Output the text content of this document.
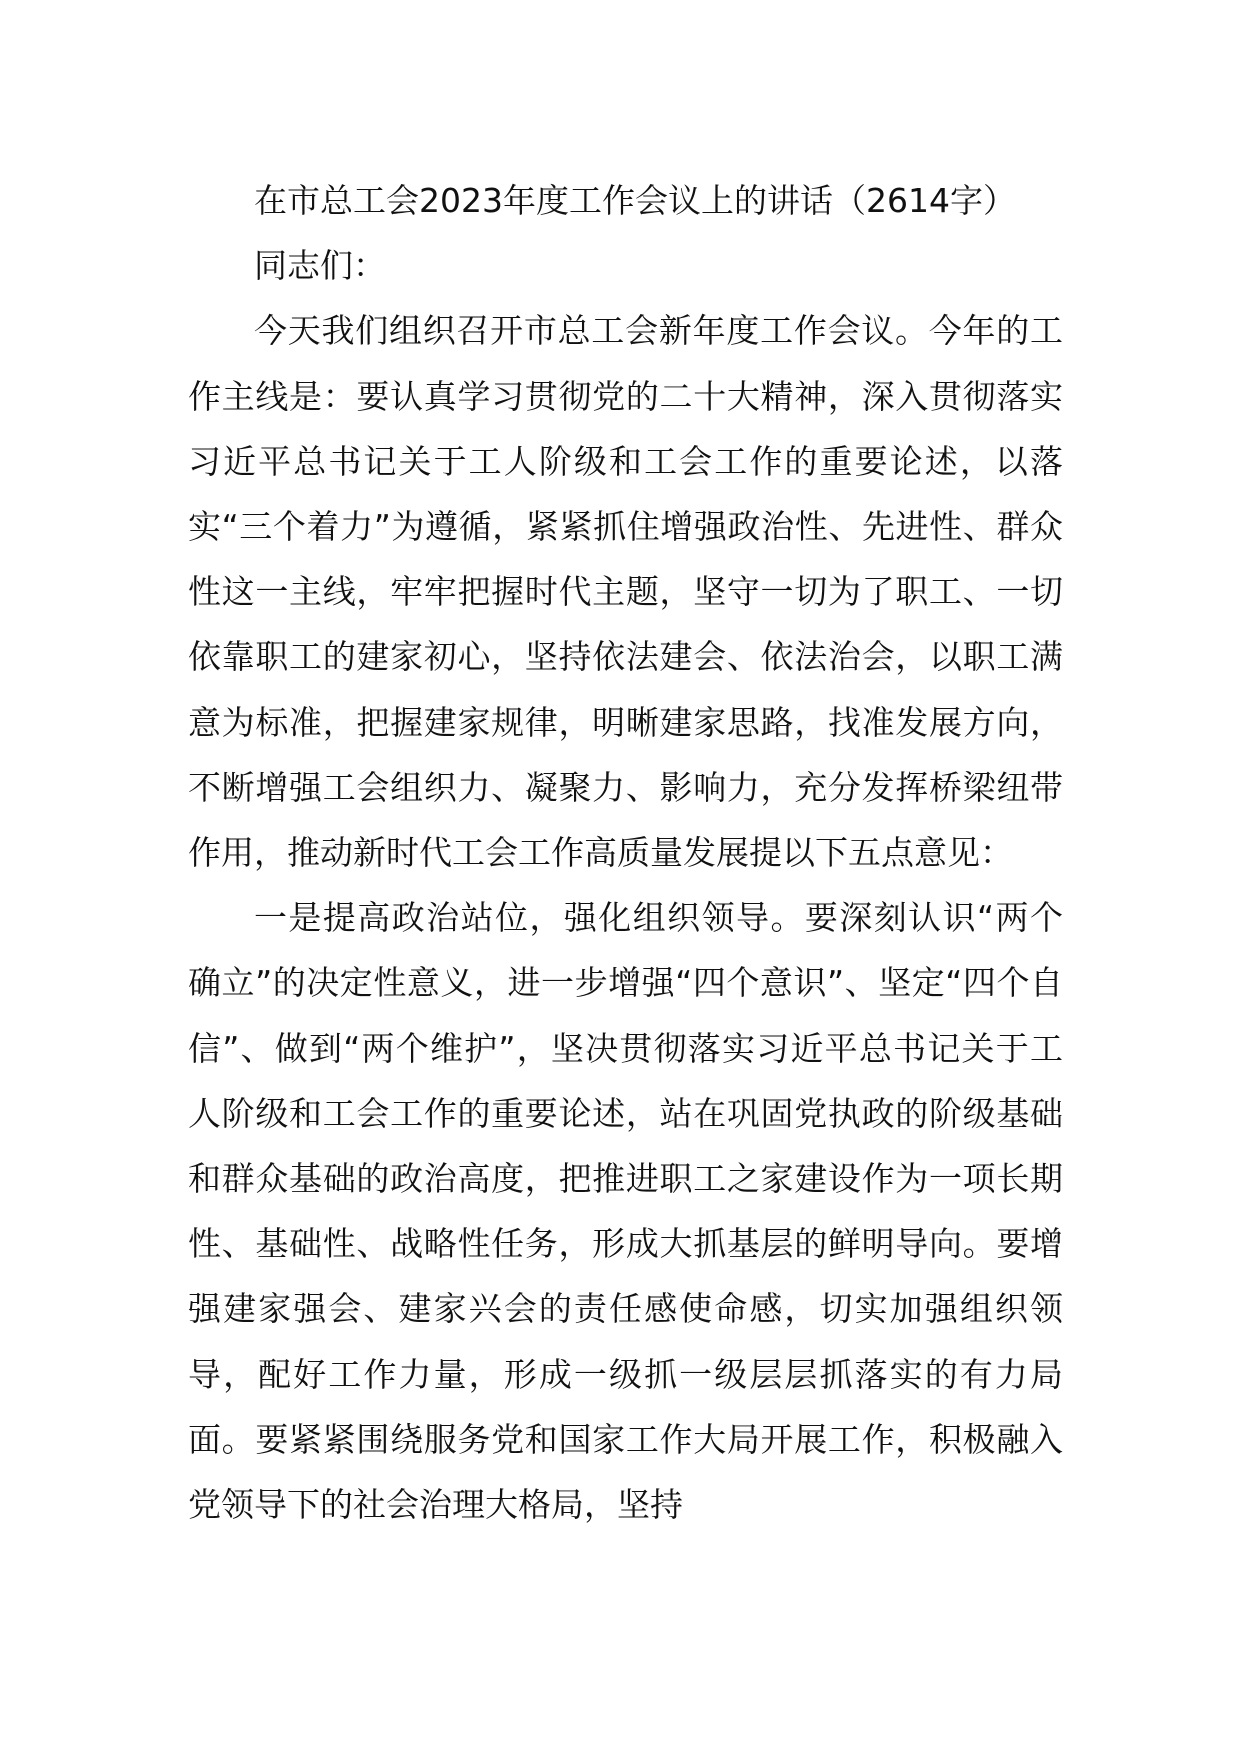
在市总工会2023年度工作会议上的讲话（2614字）

同志们：

今天我们组织召开市总工会新年度工作会议。今年的工作主线是：要认真学习贯彻党的二十大精神，深入贯彻落实习近平总书记关于工人阶级和工会工作的重要论述，以落实“三个着力”为遵循，紧紧抓住增强政治性、先进性、群众性这一主线，牢牢把握时代主题，坚守一切为了职工、一切依靠职工的建家初心，坚持依法建会、依法治会，以职工满意为标准，把握建家规律，明晰建家思路，找准发展方向，不断增强工会组织力、凝聚力、影响力，充分发挥桥梁纽带作用，推动新时代工会工作高质量发展提以下五点意见：

一是提高政治站位，强化组织领导。要深刻认识“两个确立”的决定性意义，进一步增强“四个意识”、坚定“四个自信”、做到“两个维护”，坚决贯彻落实习近平总书记关于工人阶级和工会工作的重要论述，站在巩固党执政的阶级基础和群众基础的政治高度，把推进职工之家建设作为一项长期性、基础性、战略性任务，形成大抓基层的鲜明导向。要增强建家强会、建家兴会的责任感使命感，切实加强组织领导，配好工作力量，形成一级抓一级层层抓落实的有力局面。要紧紧围绕服务党和国家工作大局开展工作，积极融入党领导下的社会治理大格局，坚持
